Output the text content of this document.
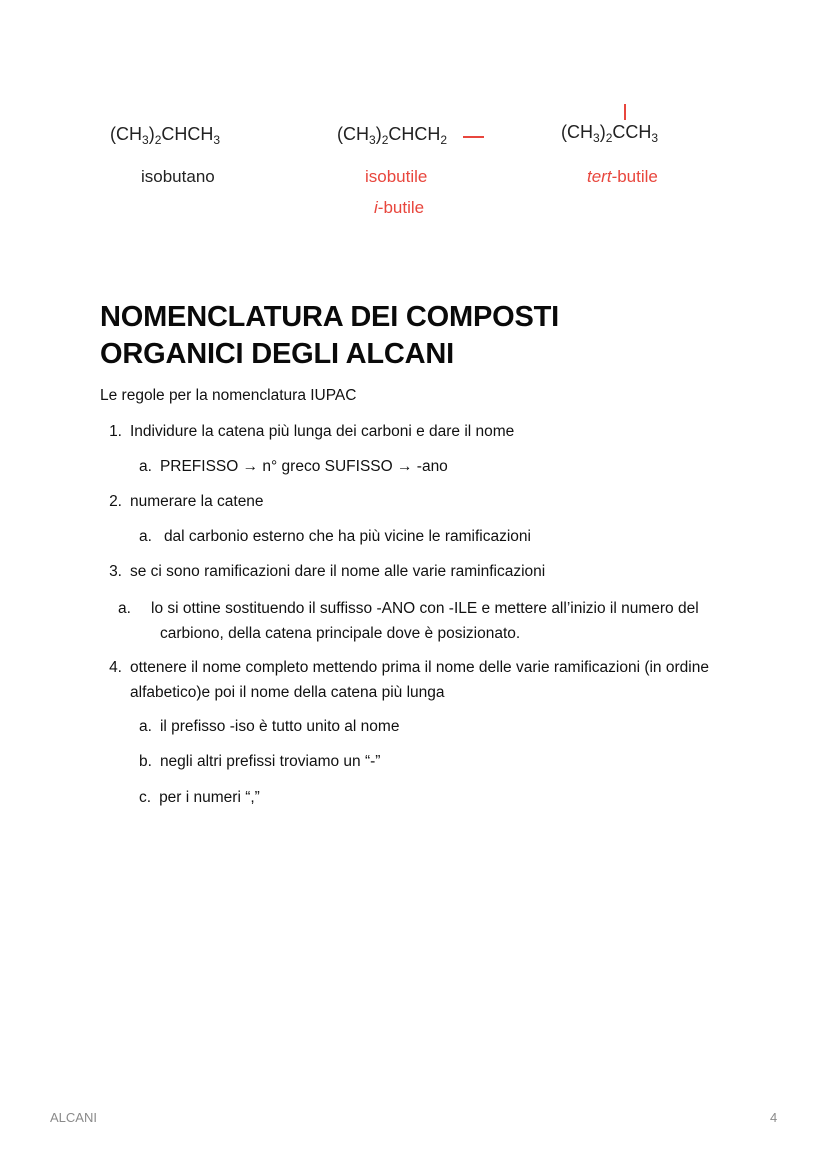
$(CH_3)_2CHCH_3$
isobutano
$(CH_3)_2CHCH_2$
isobutile
i-butile
$(CH_3)_2CCH_3$
tert-butile
NOMENCLATURA DEI COMPOSTI
ORGANICI DEGLI ALCANI
Le regole per la nomenclatura IUPAC
1. Individure la catena più lunga dei carboni e dare il nome
a. PREFISSO → n° greco SUFISSO → -ano
2. numerare la catene
a. dal carbonio esterno che ha più vicine le ramificazioni
3. se ci sono ramificazioni dare il nome alle varie raminficazioni
a. lo si ottine sostituendo il suffisso -ANO con -ILE e mettere all’inizio il numero del carbiono, della catena principale dove è posizionato.
4. ottenere il nome completo mettendo prima il nome delle varie ramificazioni (in ordine alfabetico)e poi il nome della catena più lunga
a. il prefisso -iso è tutto unito al nome
b. negli altri prefissi troviamo un “-”
c. per i numeri “,”
ALCANI	4
